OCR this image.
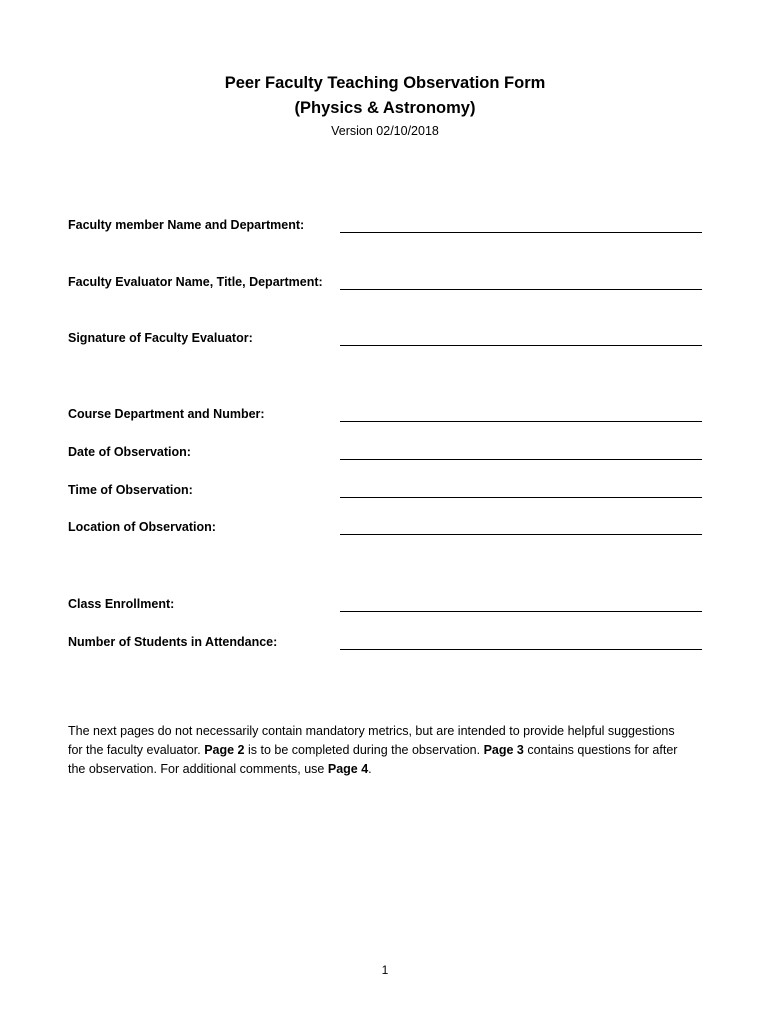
Peer Faculty Teaching Observation Form
(Physics & Astronomy)
Version 02/10/2018
Faculty member Name and Department:
Faculty Evaluator Name, Title, Department:
Signature of Faculty Evaluator:
Course Department and Number:
Date of Observation:
Time of Observation:
Location of Observation:
Class Enrollment:
Number of Students in Attendance:

The next pages do not necessarily contain mandatory metrics, but are intended to provide helpful suggestions for the faculty evaluator. Page 2 is to be completed during the observation. Page 3 contains questions for after the observation. For additional comments, use Page 4.

1
